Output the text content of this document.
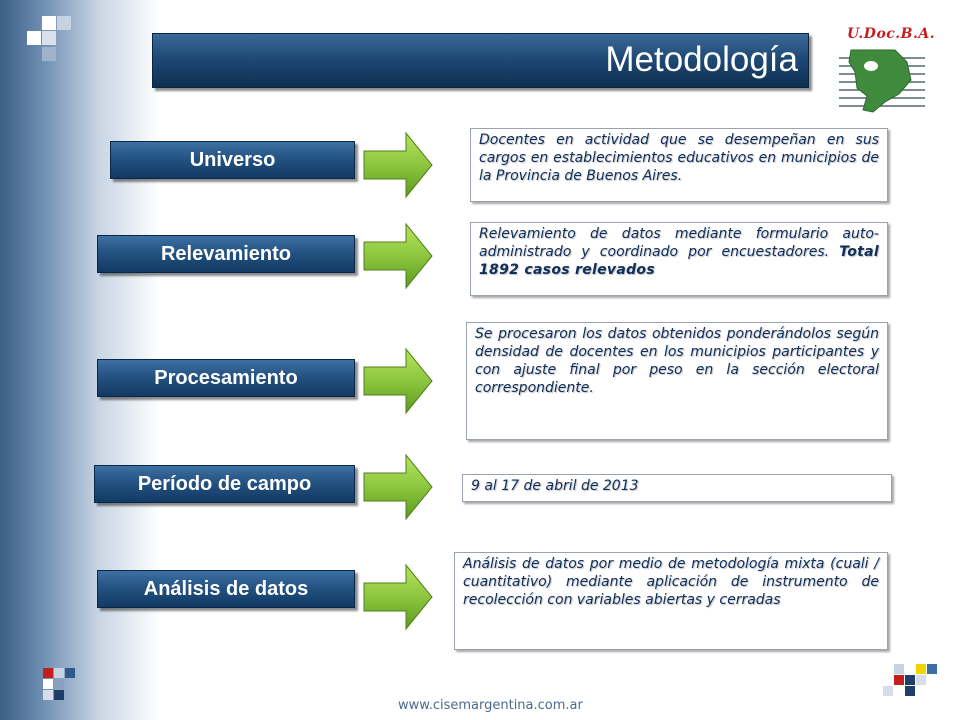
Metodología
U.Doc.B.A.
Universo
Relevamiento
Procesamiento
Período de campo
Análisis de datos
Docentes en actividad que se desempeñan en sus cargos en establecimientos educativos en municipios de la Provincia de Buenos Aires.
Relevamiento de datos mediante formulario auto-administrado y coordinado por encuestadores. Total 1892 casos relevados
Se procesaron los datos obtenidos ponderándolos según densidad de docentes en los municipios participantes y con ajuste final por peso en la sección electoral correspondiente.
9 al 17 de abril de 2013
Análisis de datos por medio de metodología mixta (cuali / cuantitativo) mediante aplicación de instrumento de recolección con variables abiertas y cerradas
www.cisemargentina.com.ar
